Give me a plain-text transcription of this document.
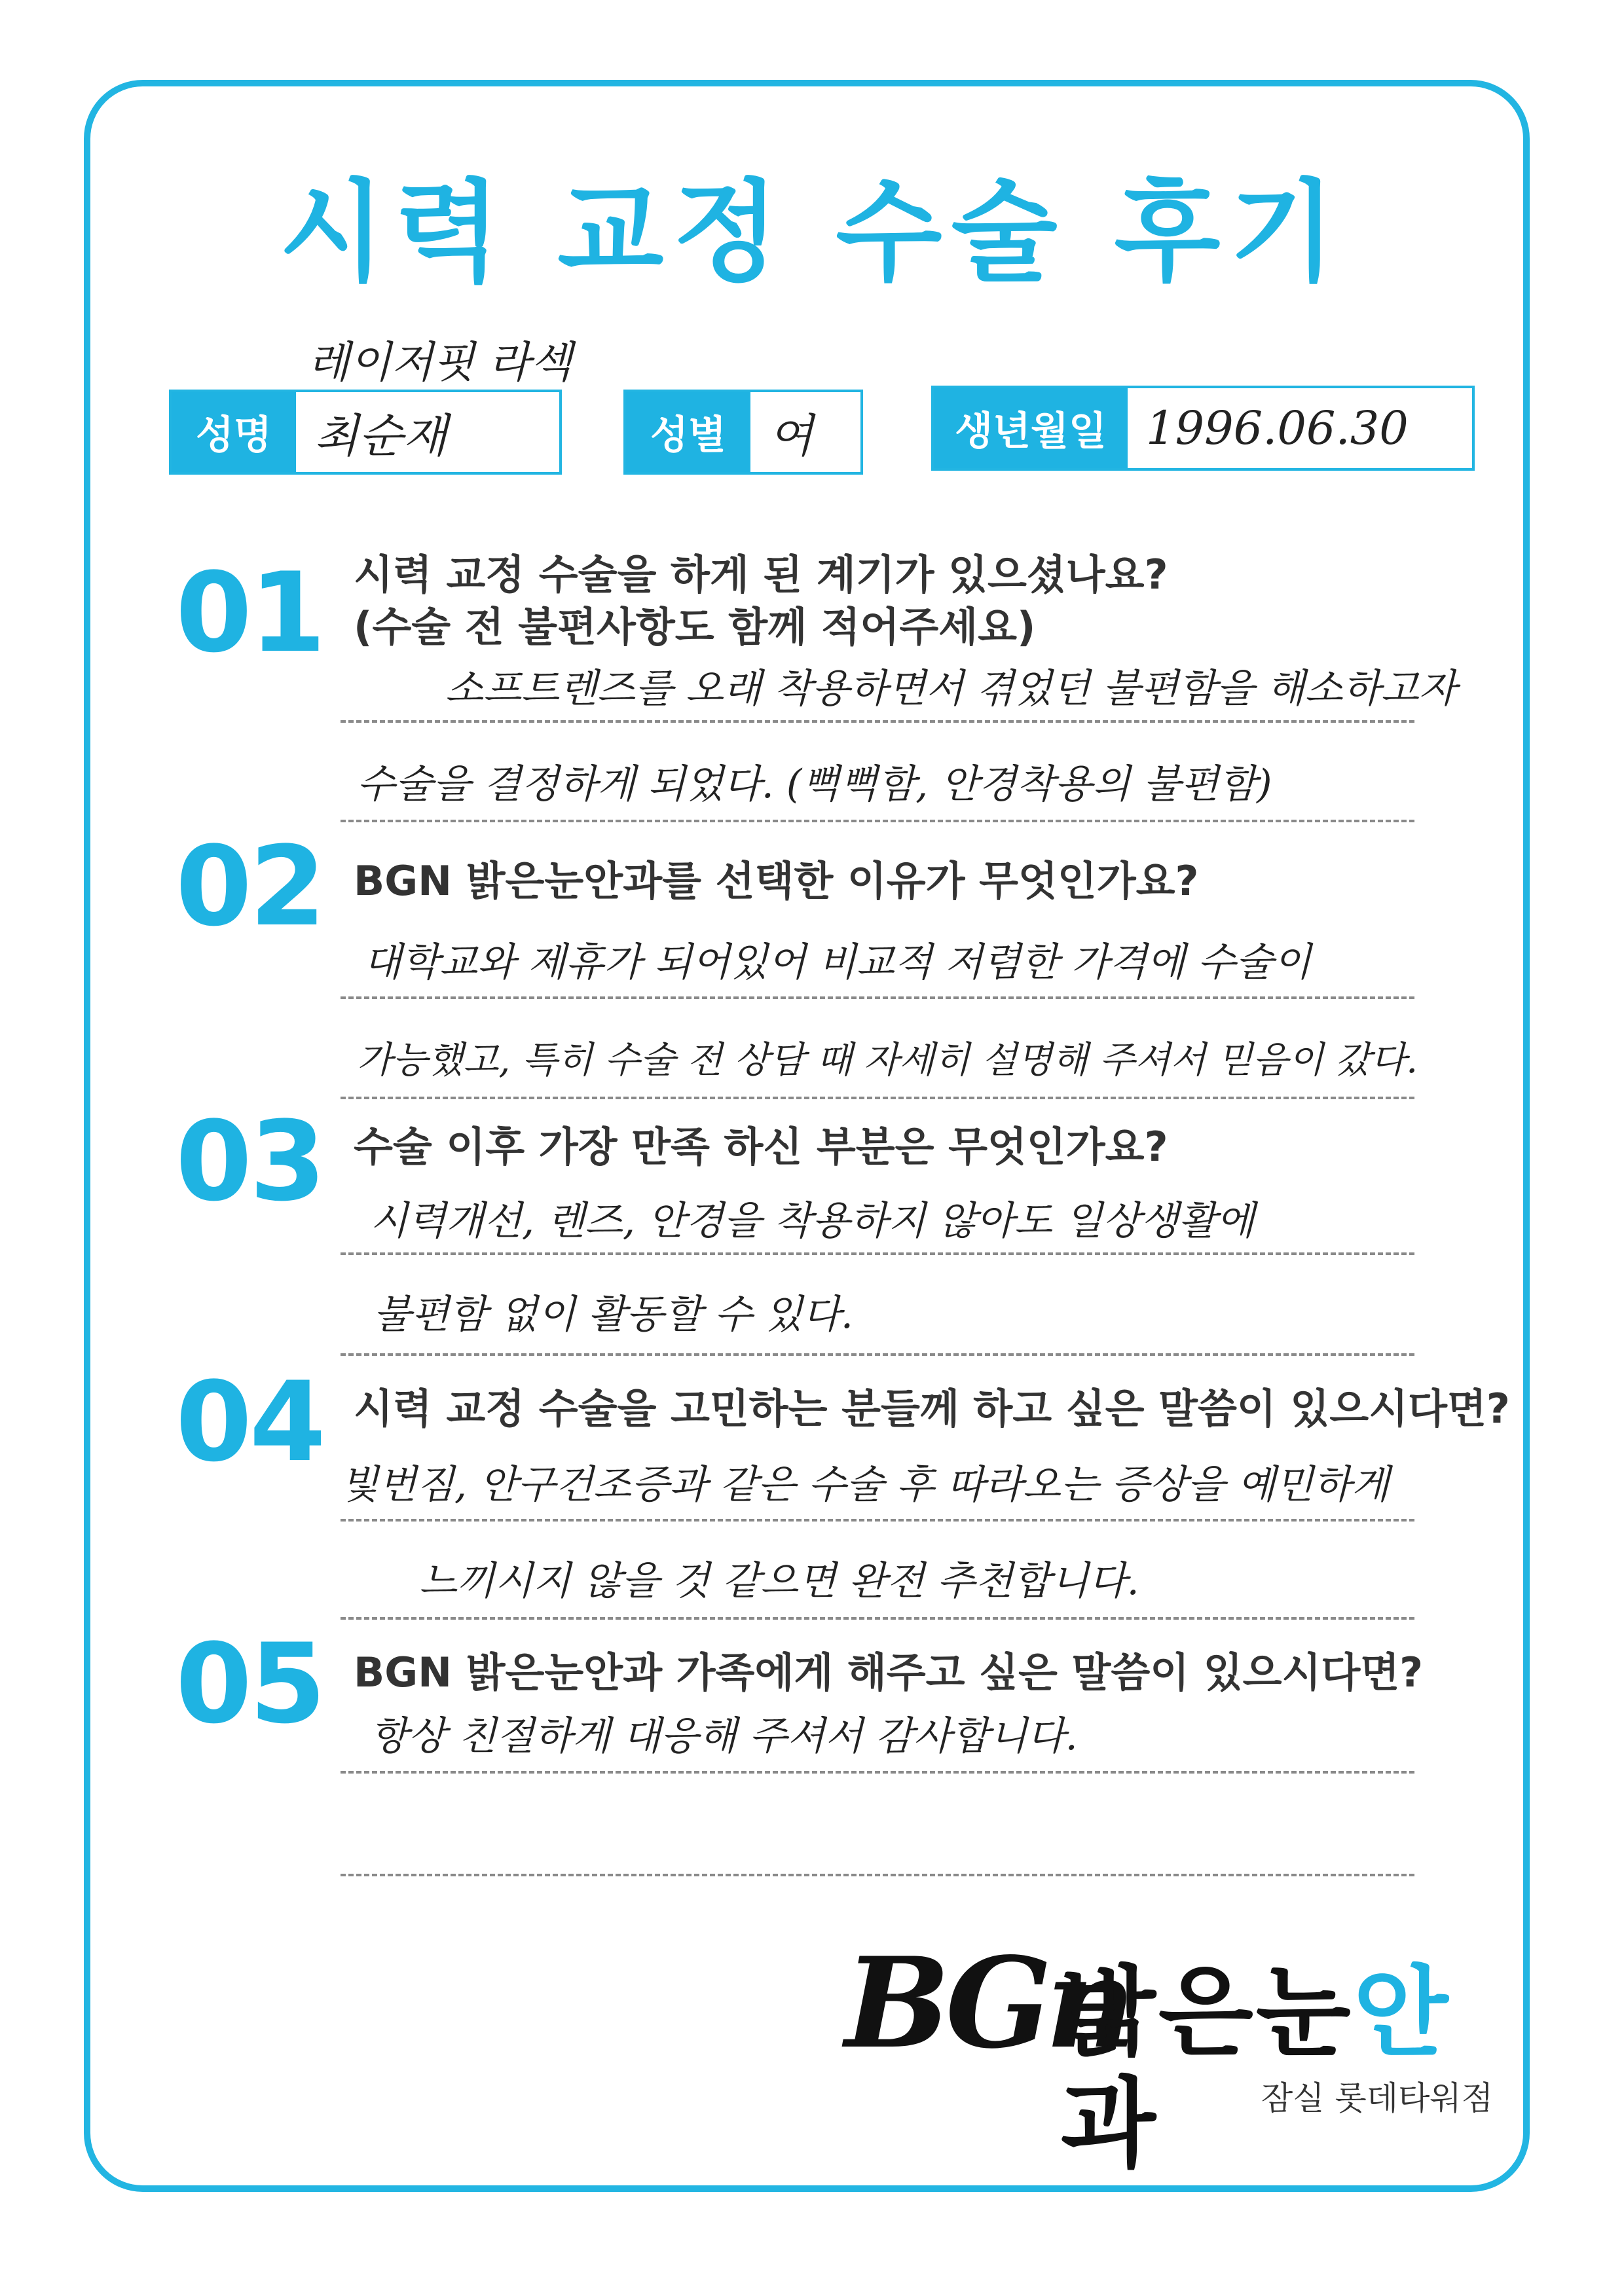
시력 교정 수술 후기
레이저핏 라섹
성명 최순재	성별 여	생년월일 1996.06.30
01 시력 교정 수술을 하게 된 계기가 있으셨나요?
(수술 전 불편사항도 함께 적어주세요)
소프트렌즈를 오래 착용하면서 겪었던 불편함을 해소하고자
수술을 결정하게 되었다. (뻑뻑함, 안경착용의 불편함)
02 BGN 밝은눈안과를 선택한 이유가 무엇인가요?
대학교와 제휴가 되어있어 비교적 저렴한 가격에 수술이
가능했고, 특히 수술 전 상담 때 자세히 설명해 주셔서 믿음이 갔다.
03 수술 이후 가장 만족 하신 부분은 무엇인가요?
시력개선, 렌즈, 안경을 착용하지 않아도 일상생활에
불편함 없이 활동할 수 있다.
04 시력 교정 수술을 고민하는 분들께 하고 싶은 말씀이 있으시다면?
빛번짐, 안구건조증과 같은 수술 후 따라오는 증상을 예민하게
느끼시지 않을 것 같으면 완전 추천합니다.
05 BGN 밝은눈안과 가족에게 해주고 싶은 말씀이 있으시다면?
항상 친절하게 대응해 주셔서 감사합니다.
BGn
밝은눈안과	잠실 롯데타워점
